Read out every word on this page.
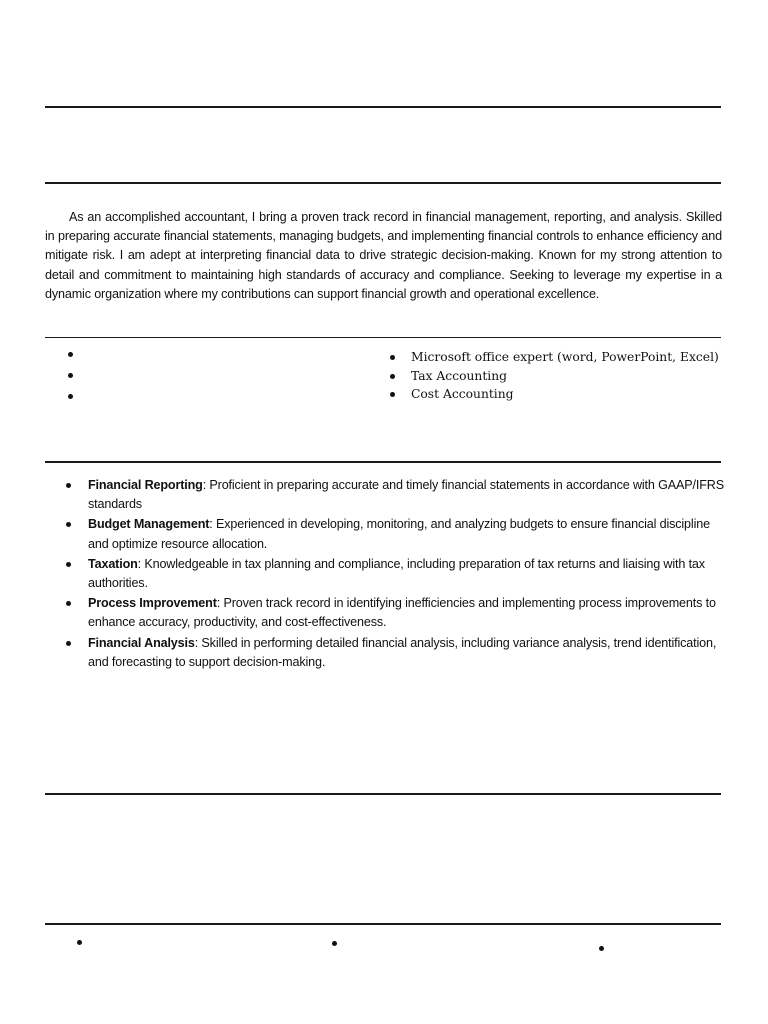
As an accomplished accountant, I bring a proven track record in financial management, reporting, and analysis. Skilled in preparing accurate financial statements, managing budgets, and implementing financial controls to enhance efficiency and mitigate risk. I am adept at interpreting financial data to drive strategic decision-making. Known for my strong attention to detail and commitment to maintaining high standards of accuracy and compliance. Seeking to leverage my expertise in a dynamic organization where my contributions can support financial growth and operational excellence.

Microsoft office expert (word, PowerPoint, Excel)
Tax Accounting
Cost Accounting
Financial Reporting: Proficient in preparing accurate and timely financial statements in accordance with GAAP/IFRS standards
Budget Management: Experienced in developing, monitoring, and analyzing budgets to ensure financial discipline and optimize resource allocation.
Taxation: Knowledgeable in tax planning and compliance, including preparation of tax returns and liaising with tax authorities.
Process Improvement: Proven track record in identifying inefficiencies and implementing process improvements to enhance accuracy, productivity, and cost-effectiveness.
Financial Analysis: Skilled in performing detailed financial analysis, including variance analysis, trend identification, and forecasting to support decision-making.
